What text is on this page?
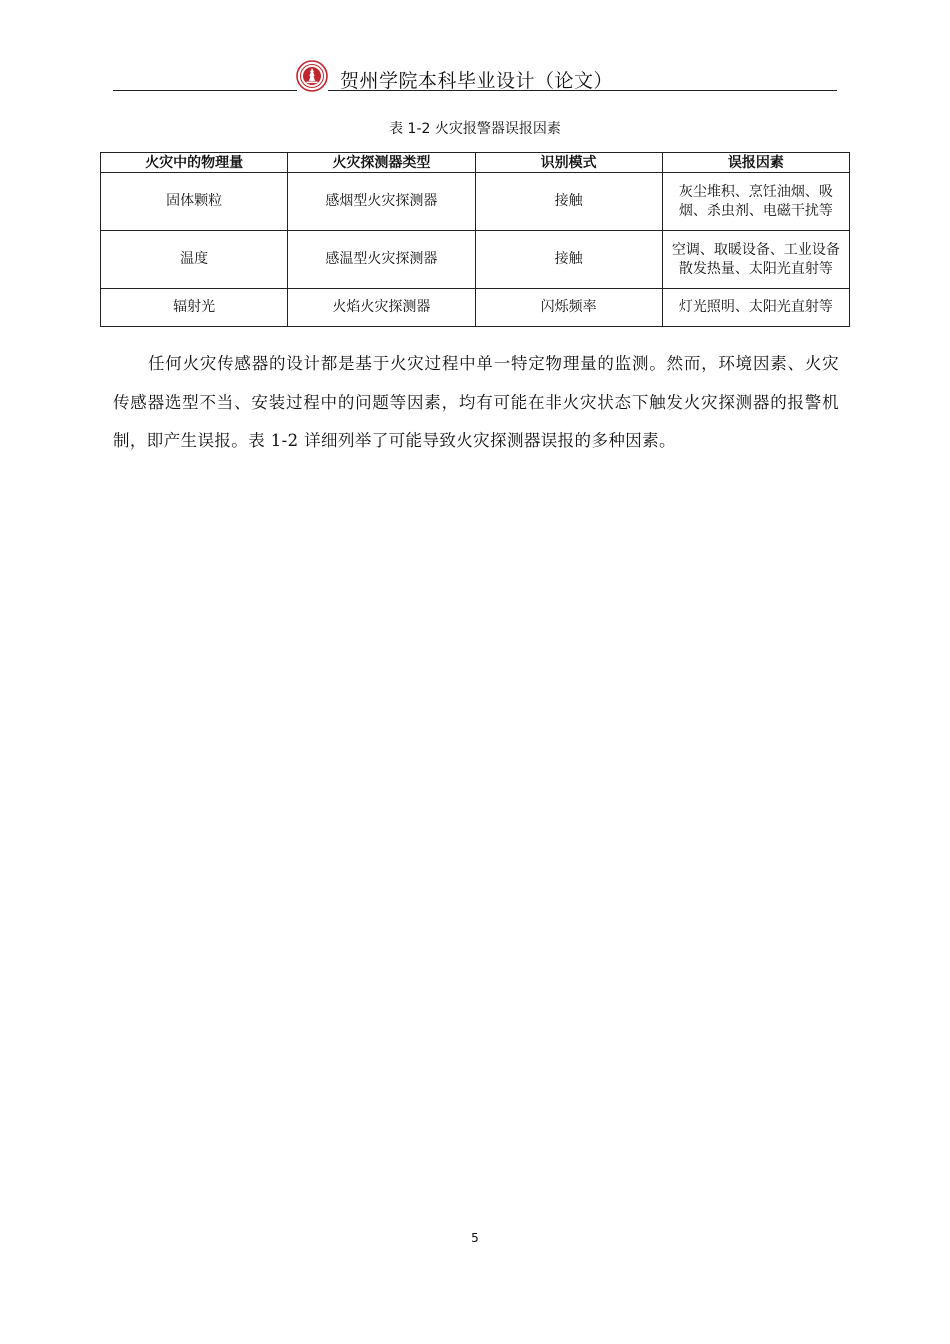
贺州学院本科毕业设计（论文）
表 1-2 火灾报警器误报因素
火灾中的物理量	火灾探测器类型	识别模式	误报因素
固体颗粒	感烟型火灾探测器	接触	灰尘堆积、烹饪油烟、吸烟、杀虫剂、电磁干扰等
温度	感温型火灾探测器	接触	空调、取暖设备、工业设备散发热量、太阳光直射等
辐射光	火焰火灾探测器	闪烁频率	灯光照明、太阳光直射等
任何火灾传感器的设计都是基于火灾过程中单一特定物理量的监测。然而，环境因素、火灾传感器选型不当、安装过程中的问题等因素，均有可能在非火灾状态下触发火灾探测器的报警机制，即产生误报。表 1-2 详细列举了可能导致火灾探测器误报的多种因素。
5
